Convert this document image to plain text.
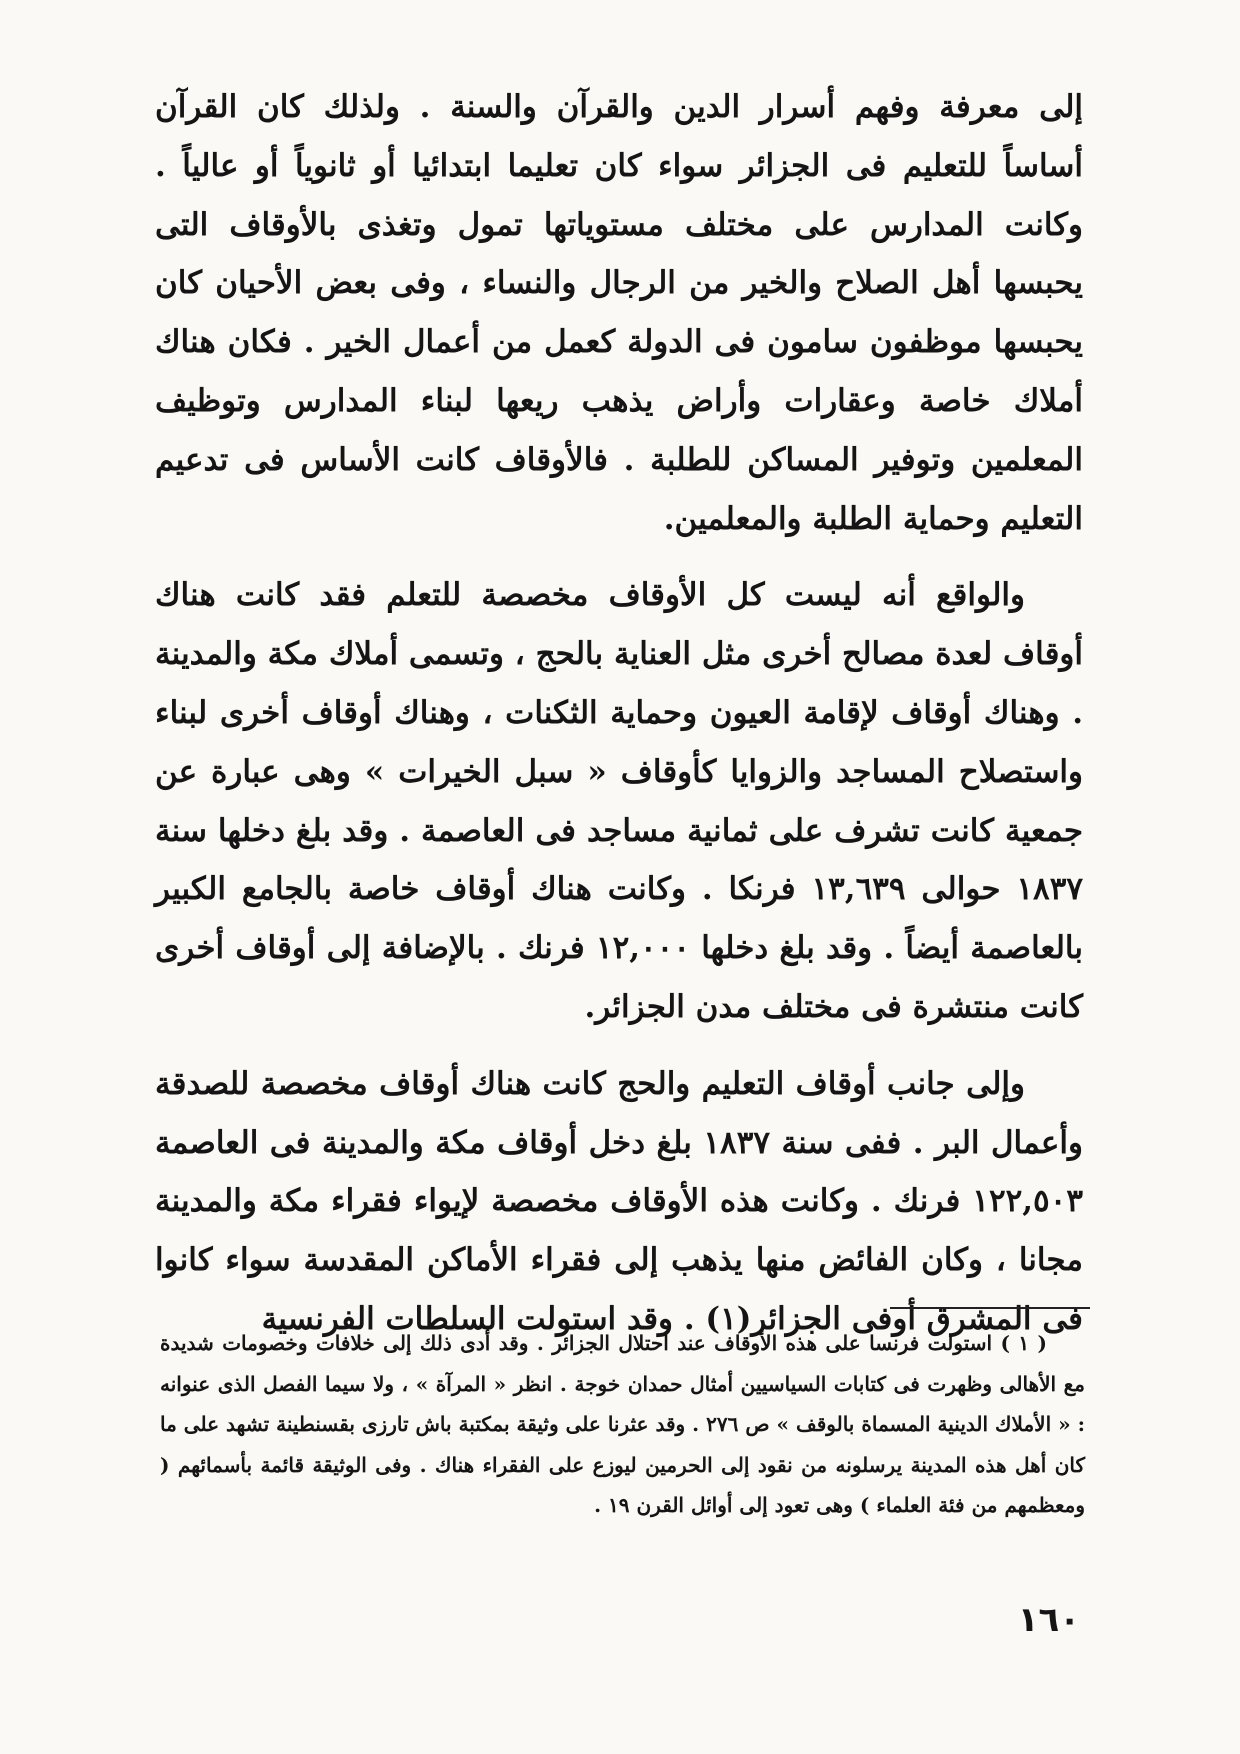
إلى معرفة وفهم أسرار الدين والقرآن والسنة . ولذلك كان القرآن أساساً للتعليم فى الجزائر سواء كان تعليما ابتدائيا أو ثانوياً أو عالياً . وكانت المدارس على مختلف مستوياتها تمول وتغذى بالأوقاف التى يحبسها أهل الصلاح والخير من الرجال والنساء ، وفى بعض الأحيان كان يحبسها موظفون سامون فى الدولة كعمل من أعمال الخير . فكان هناك أملاك خاصة وعقارات وأراض يذهب ريعها لبناء المدارس وتوظيف المعلمين وتوفير المساكن للطلبة . فالأوقاف كانت الأساس فى تدعيم التعليم وحماية الطلبة والمعلمين.

والواقع أنه ليست كل الأوقاف مخصصة للتعلم فقد كانت هناك أوقاف لعدة مصالح أخرى مثل العناية بالحج ، وتسمى أملاك مكة والمدينة . وهناك أوقاف لإقامة العيون وحماية الثكنات ، وهناك أوقاف أخرى لبناء واستصلاح المساجد والزوايا كأوقاف « سبل الخيرات » وهى عبارة عن جمعية كانت تشرف على ثمانية مساجد فى العاصمة . وقد بلغ دخلها سنة ١٨٣٧ حوالى ١٣,٦٣٩ فرنكا . وكانت هناك أوقاف خاصة بالجامع الكبير بالعاصمة أيضاً . وقد بلغ دخلها ١٢,٠٠٠ فرنك . بالإضافة إلى أوقاف أخرى كانت منتشرة فى مختلف مدن الجزائر.

وإلى جانب أوقاف التعليم والحج كانت هناك أوقاف مخصصة للصدقة وأعمال البر . ففى سنة ١٨٣٧ بلغ دخل أوقاف مكة والمدينة فى العاصمة ١٢٢,٥٠٣ فرنك . وكانت هذه الأوقاف مخصصة لإيواء فقراء مكة والمدينة مجانا ، وكان الفائض منها يذهب إلى فقراء الأماكن المقدسة سواء كانوا فى المشرق أوفى الجزائر(١) . وقد استولت السلطات الفرنسية

( ١ ) استولت فرنسا على هذه الأوقاف عند احتلال الجزائر . وقد أدى ذلك إلى خلافات وخصومات شديدة مع الأهالى وظهرت فى كتابات السياسيين أمثال حمدان خوجة . انظر « المرآة » ، ولا سيما الفصل الذى عنوانه : « الأملاك الدينية المسماة بالوقف » ص ٢٧٦ . وقد عثرنا على وثيقة بمكتبة باش تارزى بقسنطينة تشهد على ما كان أهل هذه المدينة يرسلونه من نقود إلى الحرمين ليوزع على الفقراء هناك . وفى الوثيقة قائمة بأسمائهم ( ومعظمهم من فئة العلماء ) وهى تعود إلى أوائل القرن ١٩ .

١٦٠
